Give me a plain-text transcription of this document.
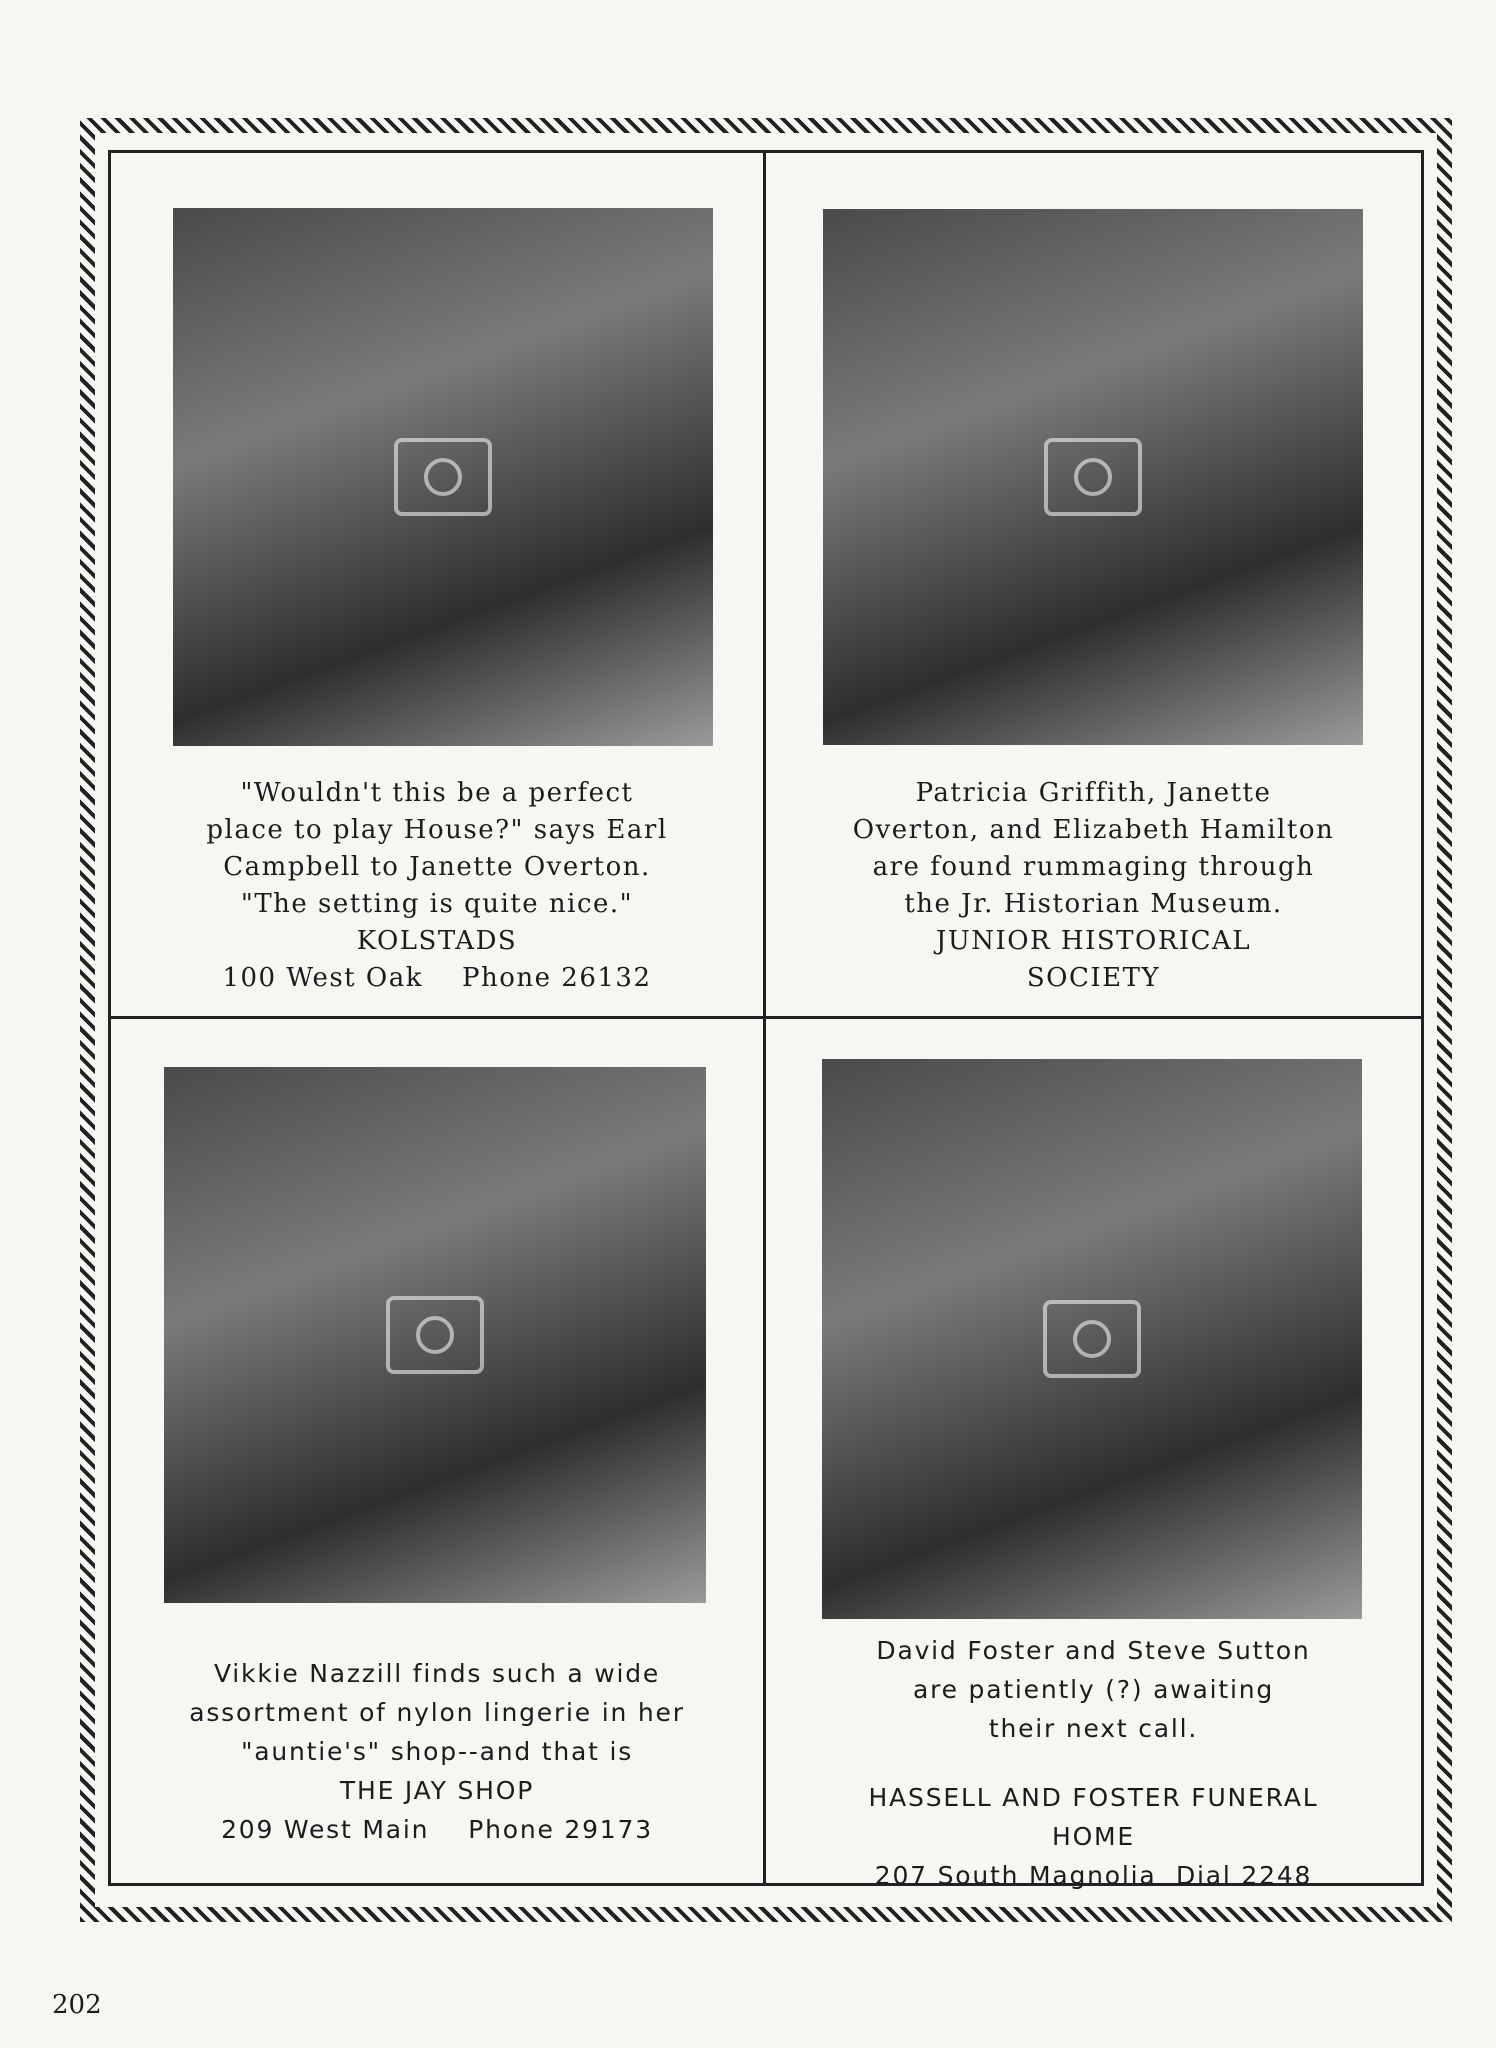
"Wouldn't this be a perfect
place to play House?" says Earl
Campbell to Janette Overton.
"The setting is quite nice."
KOLSTADS
100 West Oak    Phone 26132
Patricia Griffith, Janette
Overton, and Elizabeth Hamilton
are found rummaging through
the Jr. Historian Museum.
JUNIOR HISTORICAL
SOCIETY
Vikkie Nazzill finds such a wide
assortment of nylon lingerie in her
"auntie's" shop--and that is
THE JAY SHOP
209 West Main    Phone 29173
David Foster and Steve Sutton
are patiently (?) awaiting
their next call.
HASSELL AND FOSTER FUNERAL
HOME
207 South Magnolia  Dial 2248
202
